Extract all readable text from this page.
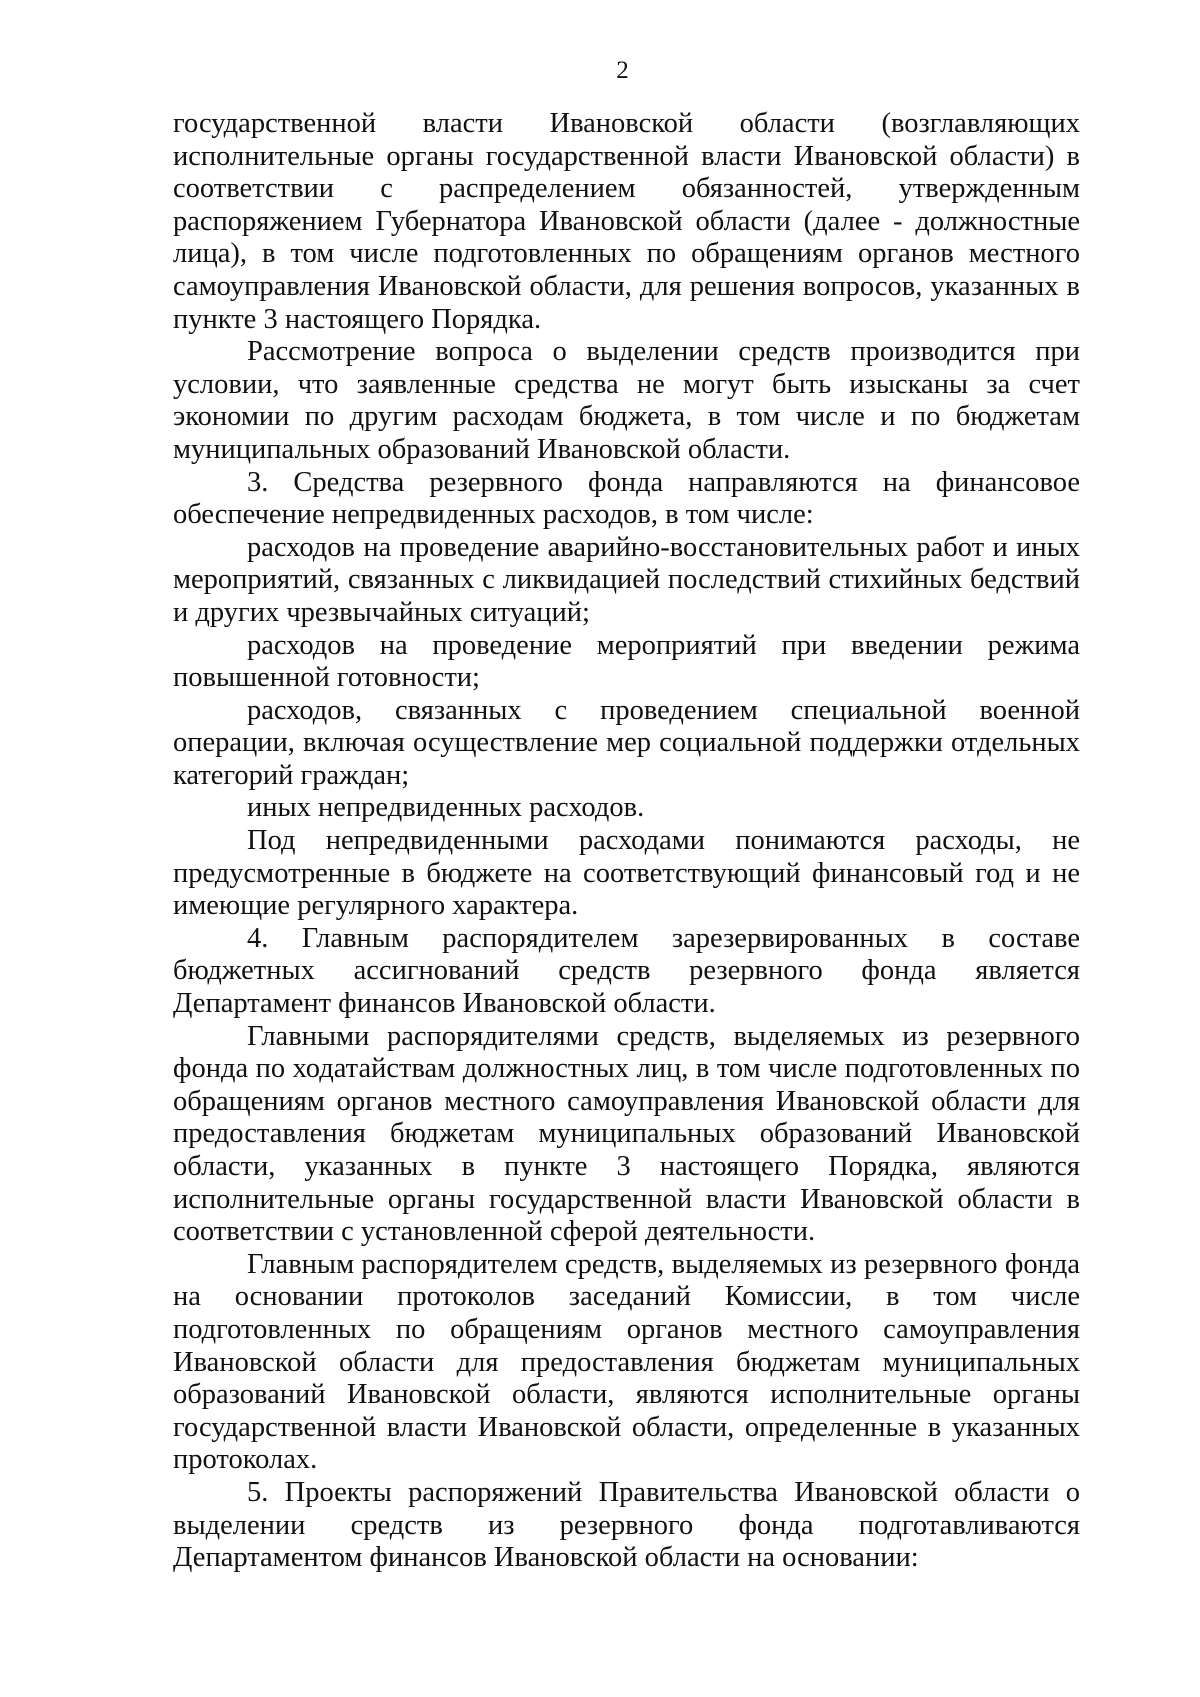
2

государственной власти Ивановской области (возглавляющих исполнительные органы государственной власти Ивановской области) в соответствии с распределением обязанностей, утвержденным распоряжением Губернатора Ивановской области (далее - должностные лица), в том числе подготовленных по обращениям органов местного самоуправления Ивановской области, для решения вопросов, указанных в пункте 3 настоящего Порядка.

Рассмотрение вопроса о выделении средств производится при условии, что заявленные средства не могут быть изысканы за счет экономии по другим расходам бюджета, в том числе и по бюджетам муниципальных образований Ивановской области.

3. Средства резервного фонда направляются на финансовое обеспечение непредвиденных расходов, в том числе:

расходов на проведение аварийно-восстановительных работ и иных мероприятий, связанных с ликвидацией последствий стихийных бедствий и других чрезвычайных ситуаций;

расходов на проведение мероприятий при введении режима повышенной готовности;

расходов, связанных с проведением специальной военной операции, включая осуществление мер социальной поддержки отдельных категорий граждан;

иных непредвиденных расходов.

Под непредвиденными расходами понимаются расходы, не предусмотренные в бюджете на соответствующий финансовый год и не имеющие регулярного характера.

4. Главным распорядителем зарезервированных в составе бюджетных ассигнований средств резервного фонда является Департамент финансов Ивановской области.

Главными распорядителями средств, выделяемых из резервного фонда по ходатайствам должностных лиц, в том числе подготовленных по обращениям органов местного самоуправления Ивановской области для предоставления бюджетам муниципальных образований Ивановской области, указанных в пункте 3 настоящего Порядка, являются исполнительные органы государственной власти Ивановской области в соответствии с установленной сферой деятельности.

Главным распорядителем средств, выделяемых из резервного фонда на основании протоколов заседаний Комиссии, в том числе подготовленных по обращениям органов местного самоуправления Ивановской области для предоставления бюджетам муниципальных образований Ивановской области, являются исполнительные органы государственной власти Ивановской области, определенные в указанных протоколах.

5. Проекты распоряжений Правительства Ивановской области о выделении средств из резервного фонда подготавливаются Департаментом финансов Ивановской области на основании:
